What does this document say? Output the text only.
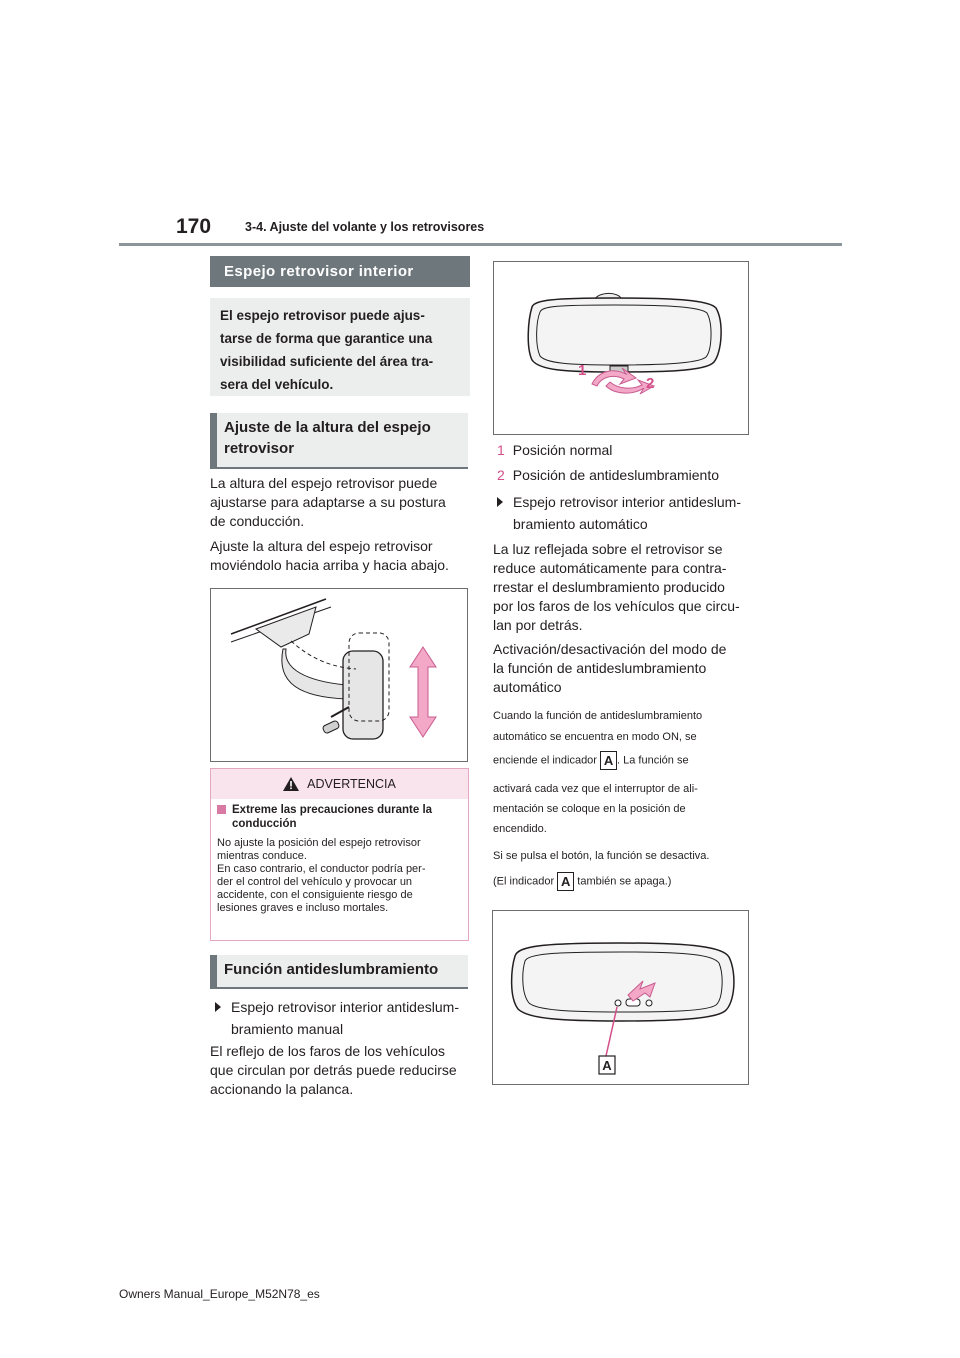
170	3-4. Ajuste del volante y los retrovisores
Espejo retrovisor interior
El espejo retrovisor puede ajus-
tarse de forma que garantice una
visibilidad suficiente del área tra-
sera del vehículo.
Ajuste de la altura del espejo
retrovisor
La altura del espejo retrovisor puede
ajustarse para adaptarse a su postura
de conducción.
Ajuste la altura del espejo retrovisor
moviéndolo hacia arriba y hacia abajo.
ADVERTENCIA
Extreme las precauciones durante la
conducción
No ajuste la posición del espejo retrovisor
mientras conduce.
En caso contrario, el conductor podría per-
der el control del vehículo y provocar un
accidente, con el consiguiente riesgo de
lesiones graves e incluso mortales.
Función antideslumbramiento
Espejo retrovisor interior antideslum-
bramiento manual
El reflejo de los faros de los vehículos
que circulan por detrás puede reducirse
accionando la palanca.
1
2
1 Posición normal
2 Posición de antideslumbramiento
Espejo retrovisor interior antideslum-
bramiento automático
La luz reflejada sobre el retrovisor se
reduce automáticamente para contra-
rrestar el deslumbramiento producido
por los faros de los vehículos que circu-
lan por detrás.
Activación/desactivación del modo de
la función de antideslumbramiento
automático
Cuando la función de antideslumbramiento
automático se encuentra en modo ON, se
enciende el indicador A . La función se
activará cada vez que el interruptor de ali-
mentación se coloque en la posición de
encendido.
Si se pulsa el botón, la función se desactiva.
(El indicador A también se apaga.)
A
Owners Manual_Europe_M52N78_es
